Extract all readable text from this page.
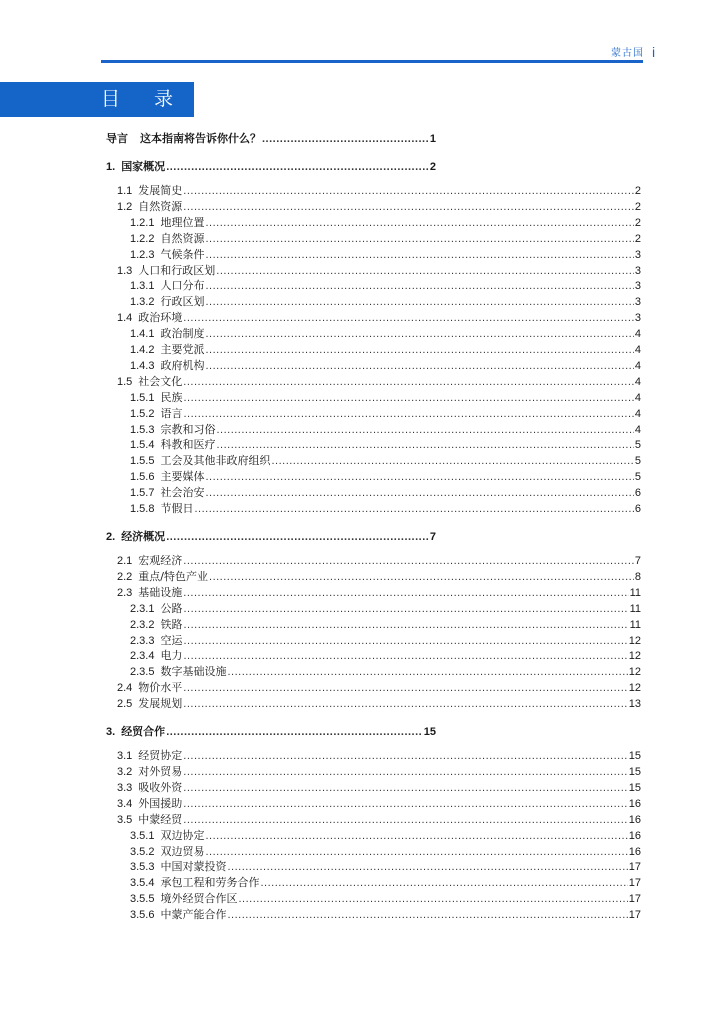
蒙古国 i
目 录
导言 这本指南将告诉你什么？ .....	1
1. 国家概况 .....	2
1.1 发展简史 .....	2
1.2 自然资源 .....	2
1.2.1 地理位置 .....	2
1.2.2 自然资源 .....	2
1.2.3 气候条件 .....	3
1.3 人口和行政区划 .....	3
1.3.1 人口分布 .....	3
1.3.2 行政区划 .....	3
1.4 政治环境 .....	3
1.4.1 政治制度 .....	4
1.4.2 主要党派 .....	4
1.4.3 政府机构 .....	4
1.5 社会文化 .....	4
1.5.1 民族 .....	4
1.5.2 语言 .....	4
1.5.3 宗教和习俗 .....	4
1.5.4 科教和医疗 .....	5
1.5.5 工会及其他非政府组织 .....	5
1.5.6 主要媒体 .....	5
1.5.7 社会治安 .....	6
1.5.8 节假日 .....	6
2. 经济概况 .....	7
2.1 宏观经济 .....	7
2.2 重点/特色产业 .....	8
2.3 基础设施 .....	11
2.3.1 公路 .....	11
2.3.2 铁路 .....	11
2.3.3 空运 .....	12
2.3.4 电力 .....	12
2.3.5 数字基础设施 .....	12
2.4 物价水平 .....	12
2.5 发展规划 .....	13
3. 经贸合作 .....	15
3.1 经贸协定 .....	15
3.2 对外贸易 .....	15
3.3 吸收外资 .....	15
3.4 外国援助 .....	16
3.5 中蒙经贸 .....	16
3.5.1 双边协定 .....	16
3.5.2 双边贸易 .....	16
3.5.3 中国对蒙投资 .....	17
3.5.4 承包工程和劳务合作 .....	17
3.5.5 境外经贸合作区 .....	17
3.5.6 中蒙产能合作 .....	17
